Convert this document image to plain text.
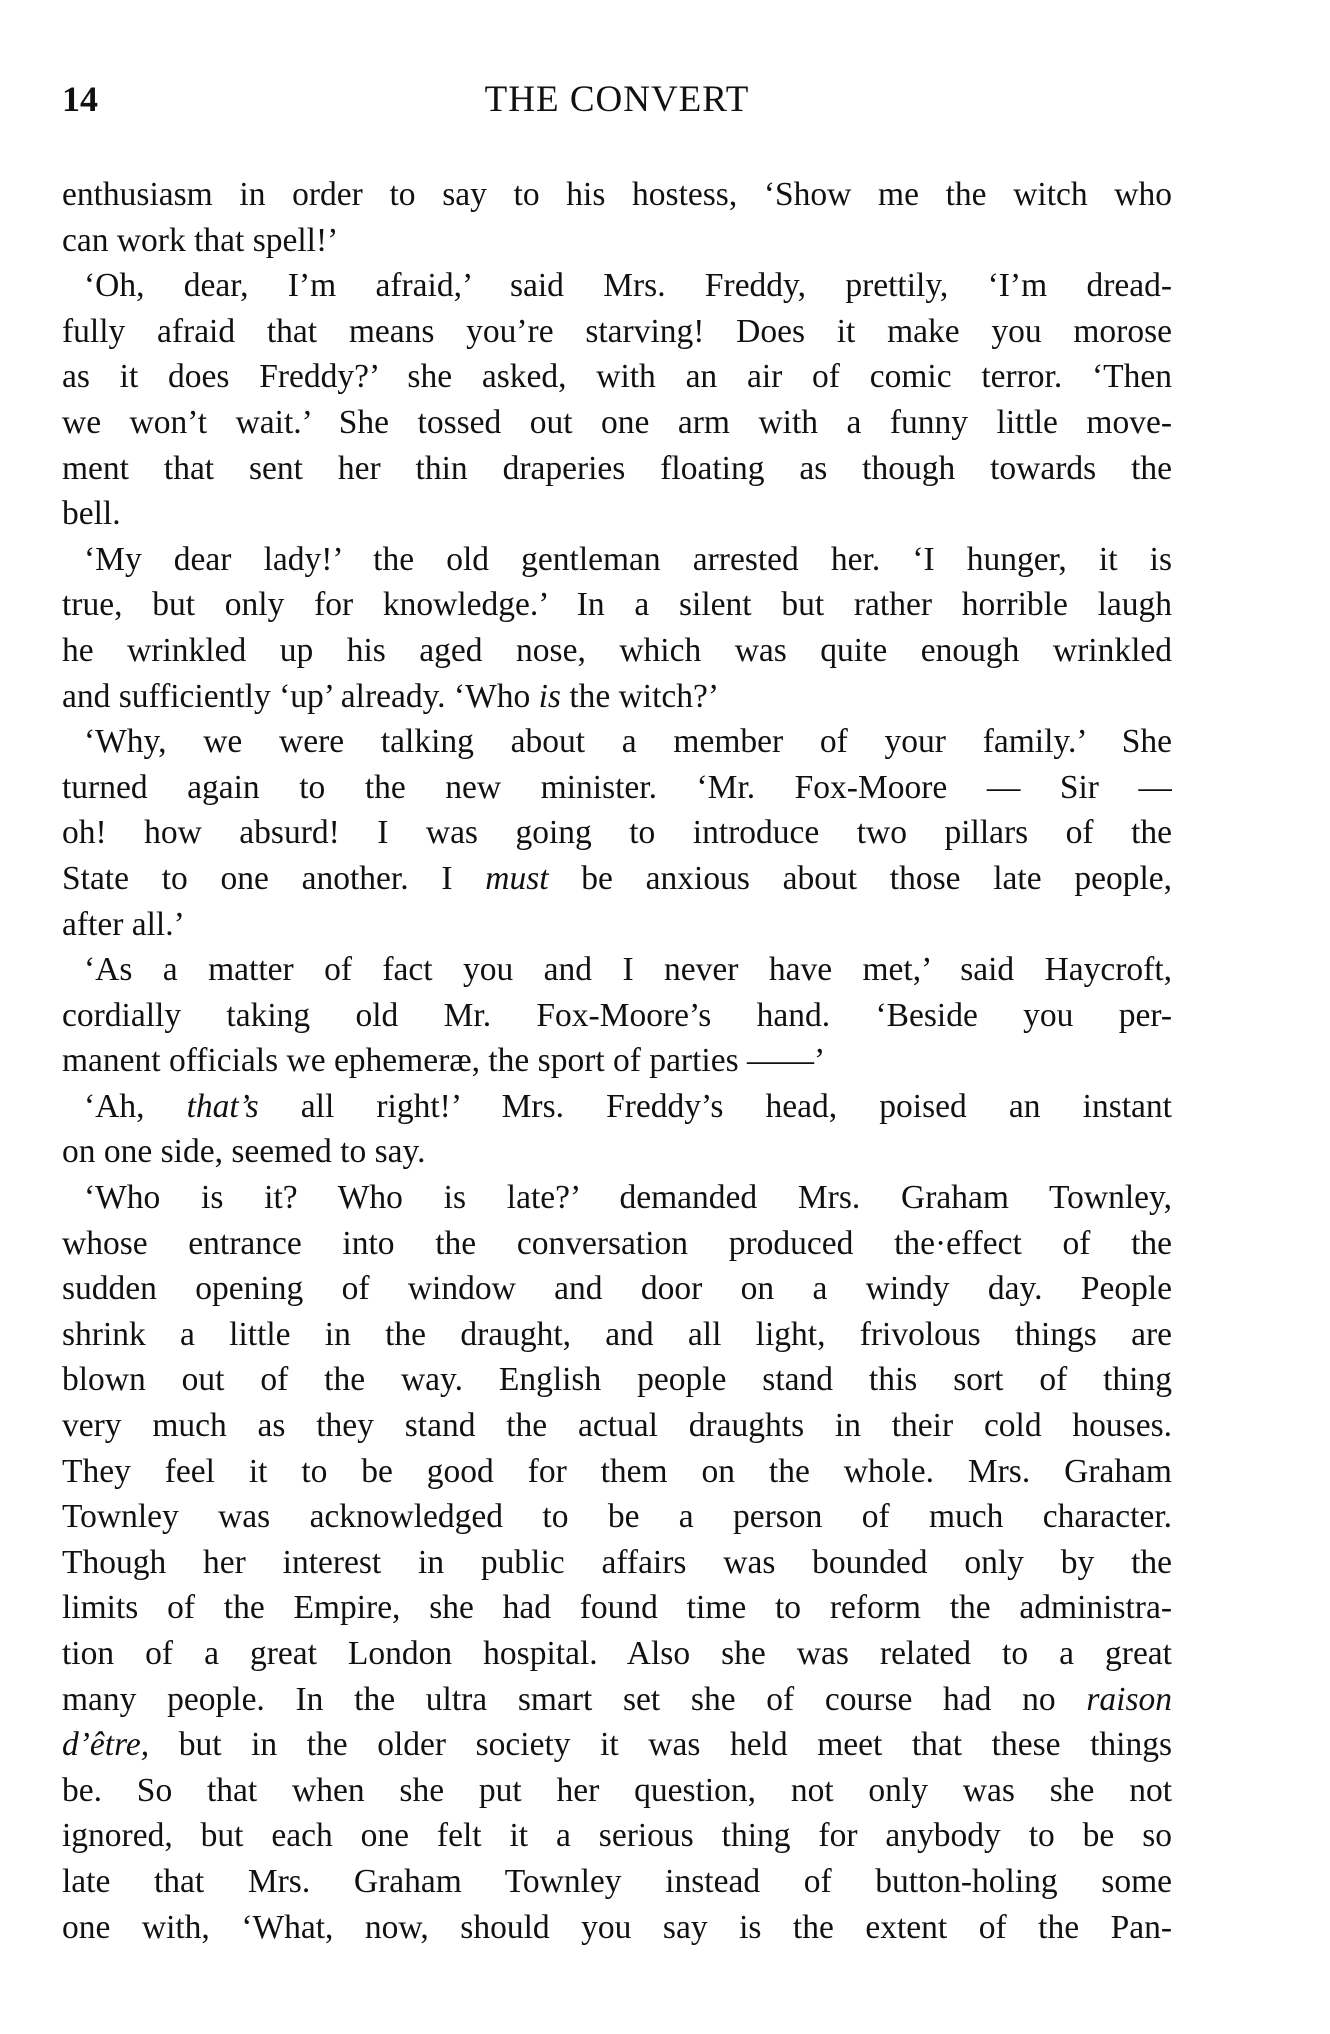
14	THE CONVERT
enthusiasm in order to say to his hostess, ‘Show me the witch who
can work that spell!’
‘Oh, dear, I’m afraid,’ said Mrs. Freddy, prettily, ‘I’m dread-
fully afraid that means you’re starving! Does it make you morose
as it does Freddy?’ she asked, with an air of comic terror. ‘Then
we won’t wait.’ She tossed out one arm with a funny little move-
ment that sent her thin draperies floating as though towards the
bell.
‘My dear lady!’ the old gentleman arrested her. ‘I hunger, it is
true, but only for knowledge.’ In a silent but rather horrible laugh
he wrinkled up his aged nose, which was quite enough wrinkled
and sufficiently ‘up’ already. ‘Who is the witch?’
‘Why, we were talking about a member of your family.’ She
turned again to the new minister. ‘Mr. Fox-Moore — Sir —
oh! how absurd! I was going to introduce two pillars of the
State to one another. I must be anxious about those late people,
after all.’
‘As a matter of fact you and I never have met,’ said Haycroft,
cordially taking old Mr. Fox-Moore’s hand. ‘Beside you per-
manent officials we ephemeræ, the sport of parties ——’
‘Ah, that’s all right!’ Mrs. Freddy’s head, poised an instant
on one side, seemed to say.
‘Who is it? Who is late?’ demanded Mrs. Graham Townley,
whose entrance into the conversation produced the·effect of the
sudden opening of window and door on a windy day. People
shrink a little in the draught, and all light, frivolous things are
blown out of the way. English people stand this sort of thing
very much as they stand the actual draughts in their cold houses.
They feel it to be good for them on the whole. Mrs. Graham
Townley was acknowledged to be a person of much character.
Though her interest in public affairs was bounded only by the
limits of the Empire, she had found time to reform the administra-
tion of a great London hospital. Also she was related to a great
many people. In the ultra smart set she of course had no raison
d’être, but in the older society it was held meet that these things
be. So that when she put her question, not only was she not
ignored, but each one felt it a serious thing for anybody to be so
late that Mrs. Graham Townley instead of button-holing some
one with, ‘What, now, should you say is the extent of the Pan-
